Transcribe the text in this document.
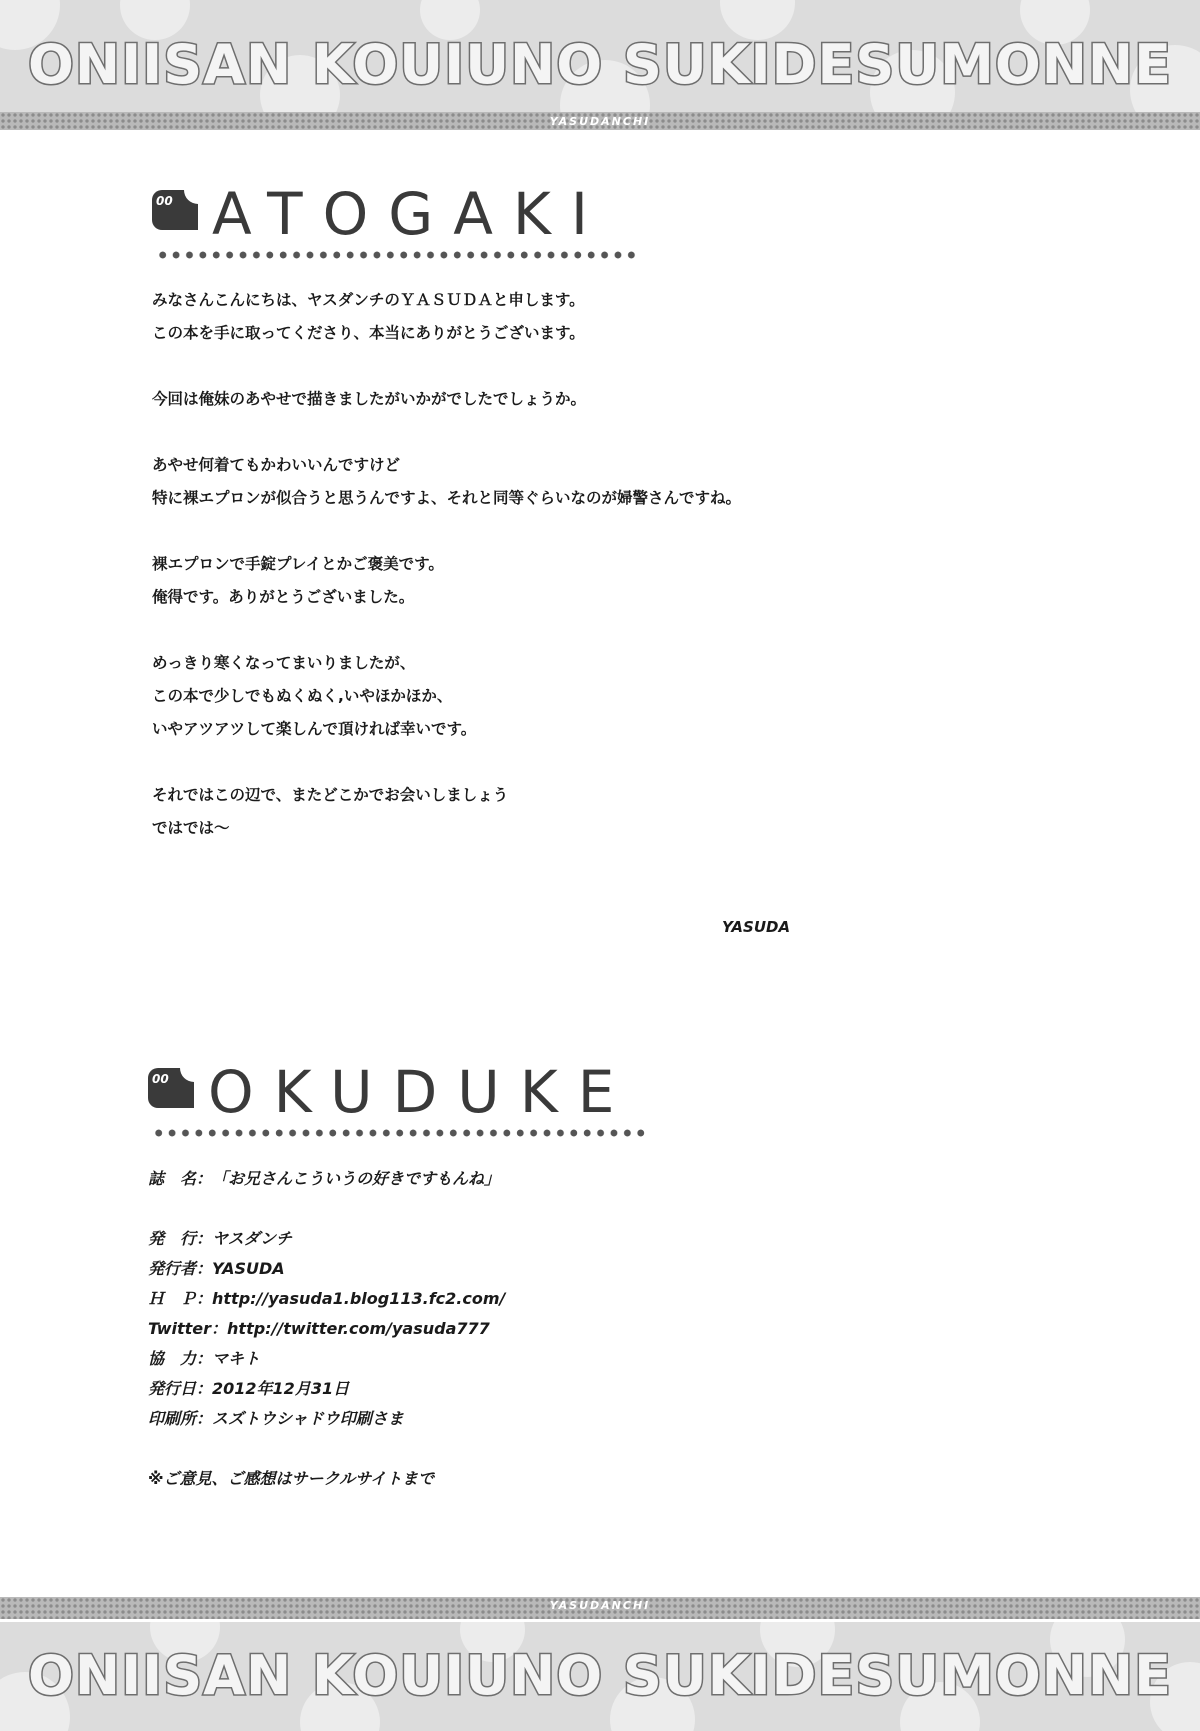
ONIISAN KOUIUNO SUKIDESUMONNE
YASUDANCHI
00 ATOGAKI

みなさんこんにちは、ヤスダンチのＹＡＳＵＤＡと申します。
この本を手に取ってくださり、本当にありがとうございます。

今回は俺妹のあやせで描きましたがいかがでしたでしょうか。

あやせ何着てもかわいいんですけど
特に裸エプロンが似合うと思うんですよ、それと同等ぐらいなのが婦警さんですね。

裸エプロンで手錠プレイとかご褒美です。
俺得です。ありがとうございました。

めっきり寒くなってまいりましたが、
この本で少しでもぬくぬく,いやほかほか、
いやアツアツして楽しんで頂ければ幸いです。

それではこの辺で、またどこかでお会いしましょう
ではでは～

YASUDA
00 OKUDUKE
誌　名：「お兄さんこういうの好きですもんね」
発　行：ヤスダンチ
発行者：YASUDA
Ｈ　Ｐ：http://yasuda1.blog113.fc2.com/
Twitter：http://twitter.com/yasuda777
協　力：マキト
発行日：2012年12月31日
印刷所：スズトウシャドウ印刷さま
※ご意見、ご感想はサークルサイトまで
YASUDANCHI
ONIISAN KOUIUNO SUKIDESUMONNE
